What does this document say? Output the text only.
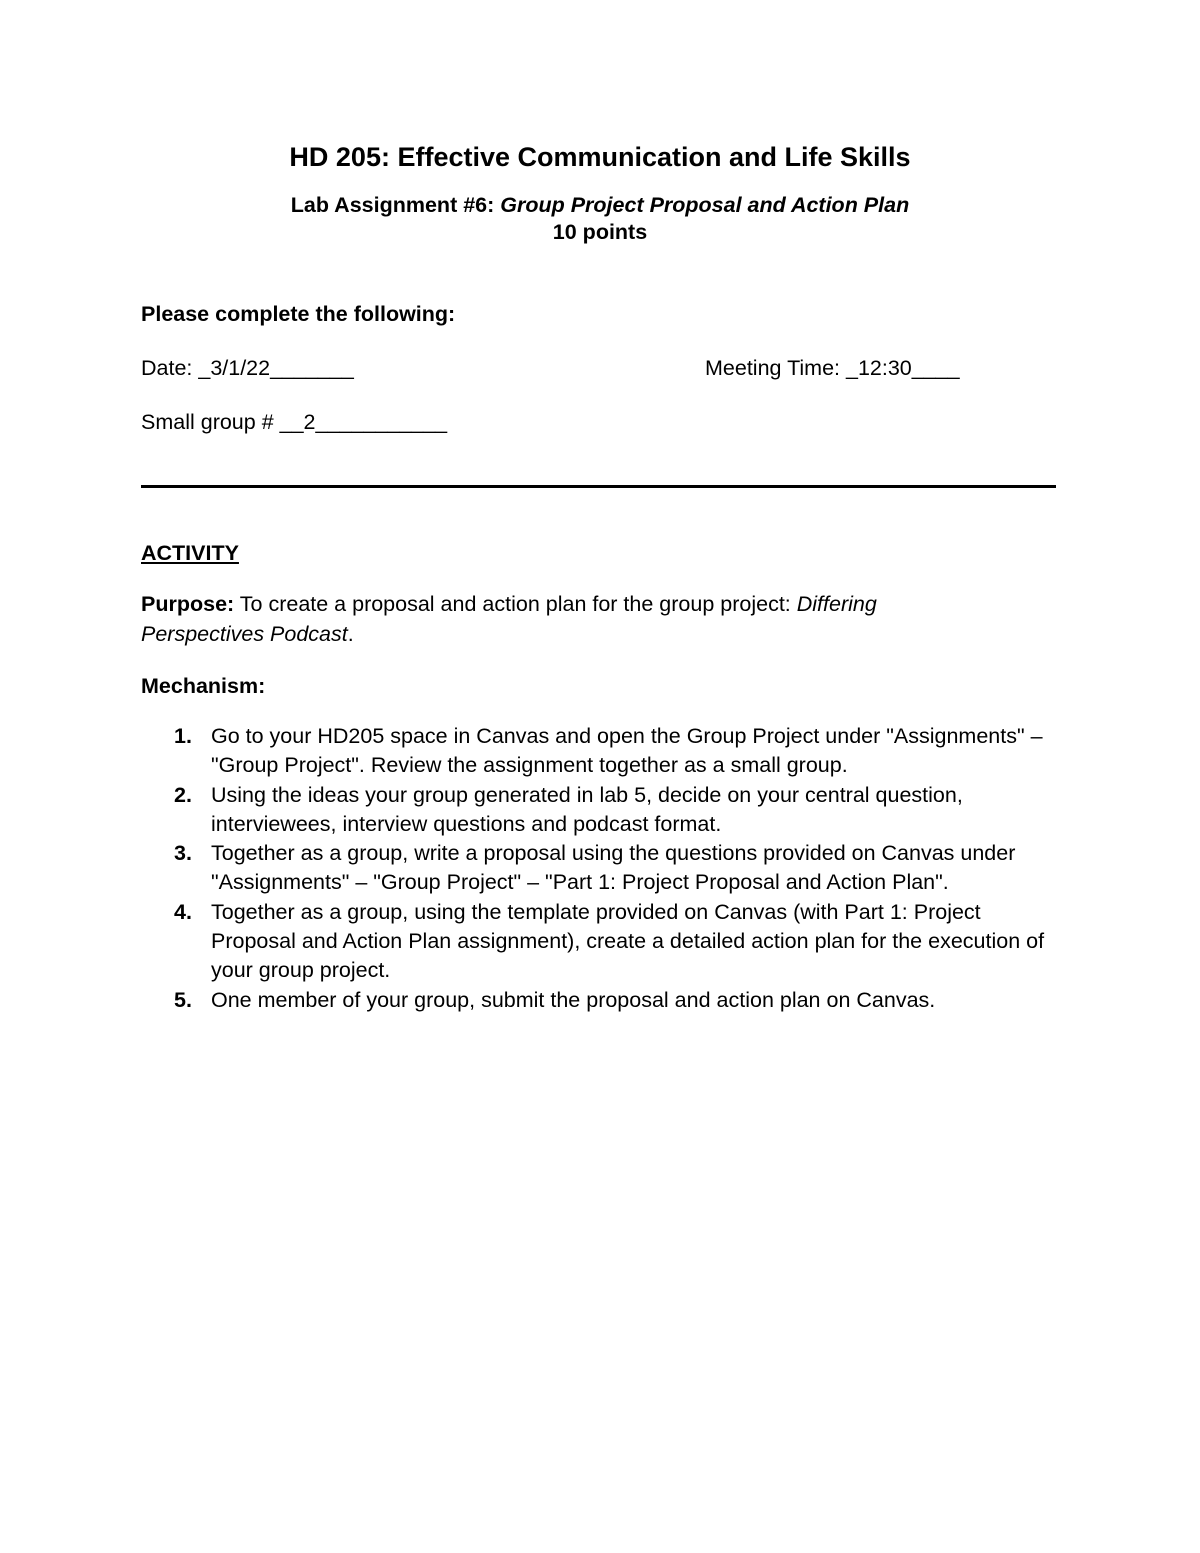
HD 205: Effective Communication and Life Skills
Lab Assignment #6: Group Project Proposal and Action Plan
10 points
Please complete the following:
Date: _3/1/22_______	Meeting Time: _12:30____
Small group # __2___________
ACTIVITY
Purpose: To create a proposal and action plan for the group project: Differing
Perspectives Podcast.
Mechanism:
1. Go to your HD205 space in Canvas and open the Group Project under "Assignments" – "Group Project". Review the assignment together as a small group.
2. Using the ideas your group generated in lab 5, decide on your central question, interviewees, interview questions and podcast format.
3. Together as a group, write a proposal using the questions provided on Canvas under "Assignments" – "Group Project" – "Part 1: Project Proposal and Action Plan".
4. Together as a group, using the template provided on Canvas (with Part 1: Project Proposal and Action Plan assignment), create a detailed action plan for the execution of your group project.
5. One member of your group, submit the proposal and action plan on Canvas.
